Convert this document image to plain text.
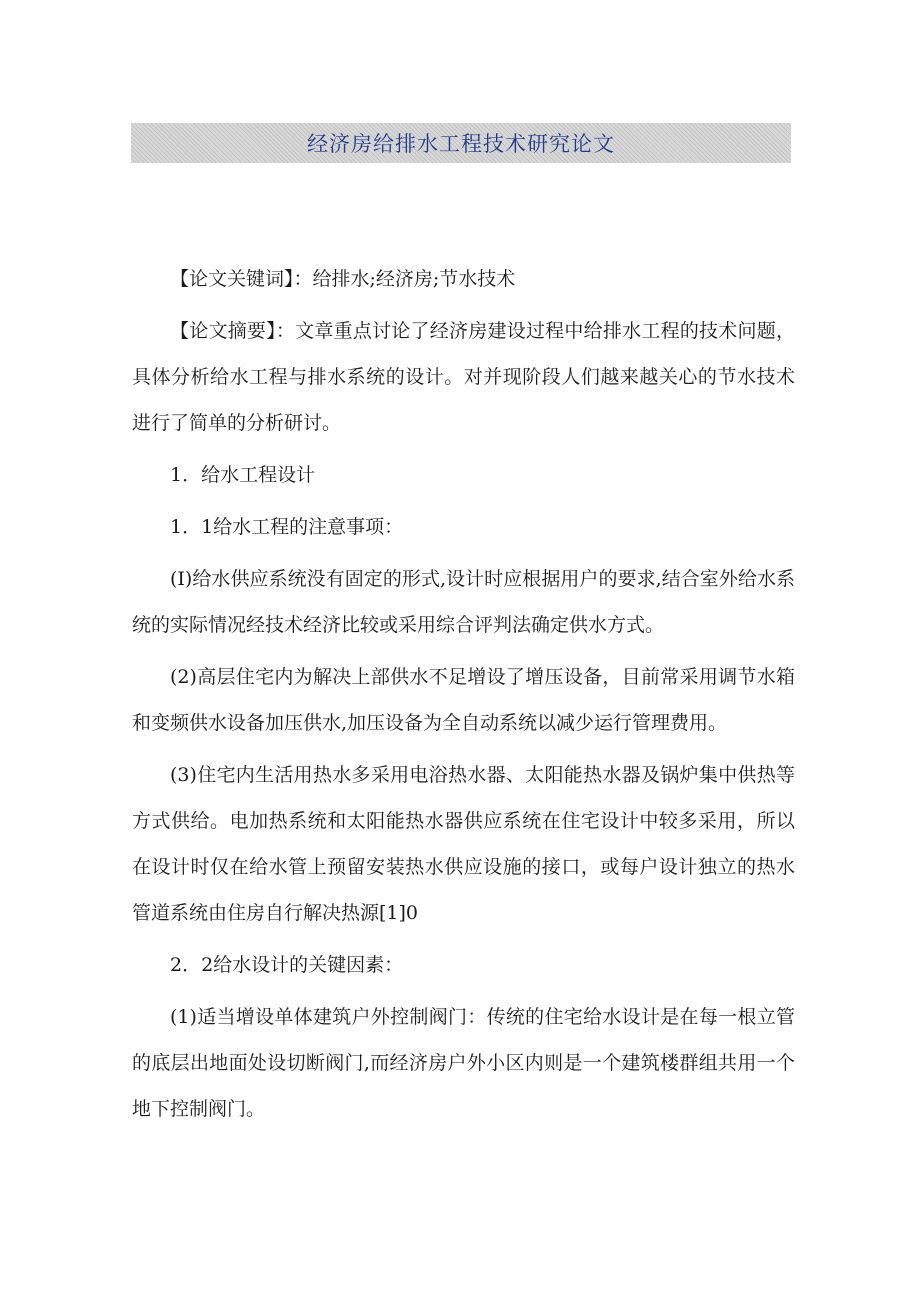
经济房给排水工程技术研究论文

【论文关键词】：给排水;经济房;节水技术

【论文摘要】：文章重点讨论了经济房建设过程中给排水工程的技术问题，具体分析给水工程与排水系统的设计。对并现阶段人们越来越关心的节水技术进行了简单的分析研讨。

1．给水工程设计

1．1给水工程的注意事项：

(I)给水供应系统没有固定的形式,设计时应根据用户的要求,结合室外给水系统的实际情况经技术经济比较或采用综合评判法确定供水方式。

(2)高层住宅内为解决上部供水不足增设了增压设备，目前常采用调节水箱和变频供水设备加压供水,加压设备为全自动系统以减少运行管理费用。

(3)住宅内生活用热水多采用电浴热水器、太阳能热水器及锅炉集中供热等方式供给。电加热系统和太阳能热水器供应系统在住宅设计中较多采用，所以在设计时仅在给水管上预留安装热水供应设施的接口，或每户设计独立的热水管道系统由住房自行解决热源[1]0

2．2给水设计的关键因素：

(1)适当增设单体建筑户外控制阀门：传统的住宅给水设计是在每一根立管的底层出地面处设切断阀门,而经济房户外小区内则是一个建筑楼群组共用一个地下控制阀门。
